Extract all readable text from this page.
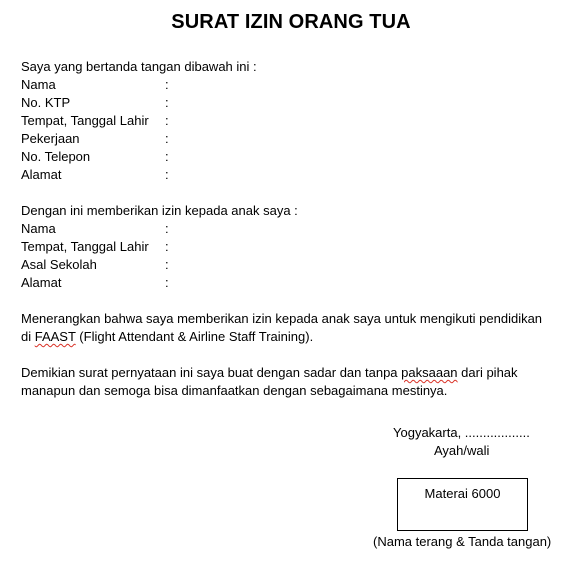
SURAT IZIN ORANG TUA
Saya yang bertanda tangan dibawah ini :
Nama	:
No. KTP	:
Tempat, Tanggal Lahir	:
Pekerjaan	:
No. Telepon	:
Alamat	:
Dengan ini memberikan izin kepada anak saya :
Nama	:
Tempat, Tanggal Lahir	:
Asal Sekolah	:
Alamat	:
Menerangkan bahwa saya memberikan izin kepada anak saya untuk mengikuti pendidikan
di FAAST (Flight Attendant & Airline Staff Training).
Demikian surat pernyataan ini saya buat dengan sadar dan tanpa paksaaan dari pihak
manapun dan semoga bisa dimanfaatkan dengan sebagaimana mestinya.
Yogyakarta, ..................
Ayah/wali
Materai 6000
(Nama terang & Tanda tangan)
